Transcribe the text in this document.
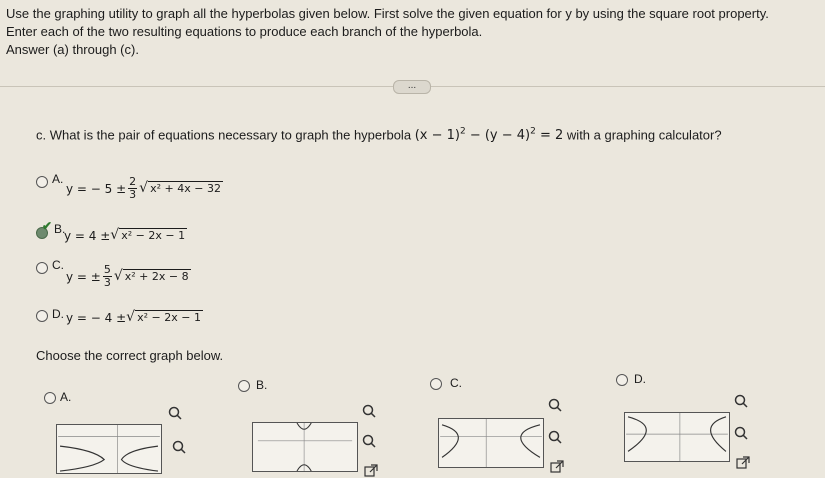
Use the graphing utility to graph all the hyperbolas given below. First solve the given equation for y by using the square root property.
Enter each of the two resulting equations to produce each branch of the hyperbola.
Answer (a) through (c).
...
c. What is the pair of equations necessary to graph the hyperbola $(x - 1)^2 - (y - 4)^2 = 2$ with a graphing calculator?
A.
y = − $5 \pm \frac{2}{3}$ √ x² + 4x − 32
✔ B.
y = 4 ± √ x² − 2x − 1
C.
y = ± $\frac{5}{3}$ √ x² + 2x − 8
D. y = − 4 ± √ x² − 2x − 1
Choose the correct graph below.
A.
B.	C.	D.
